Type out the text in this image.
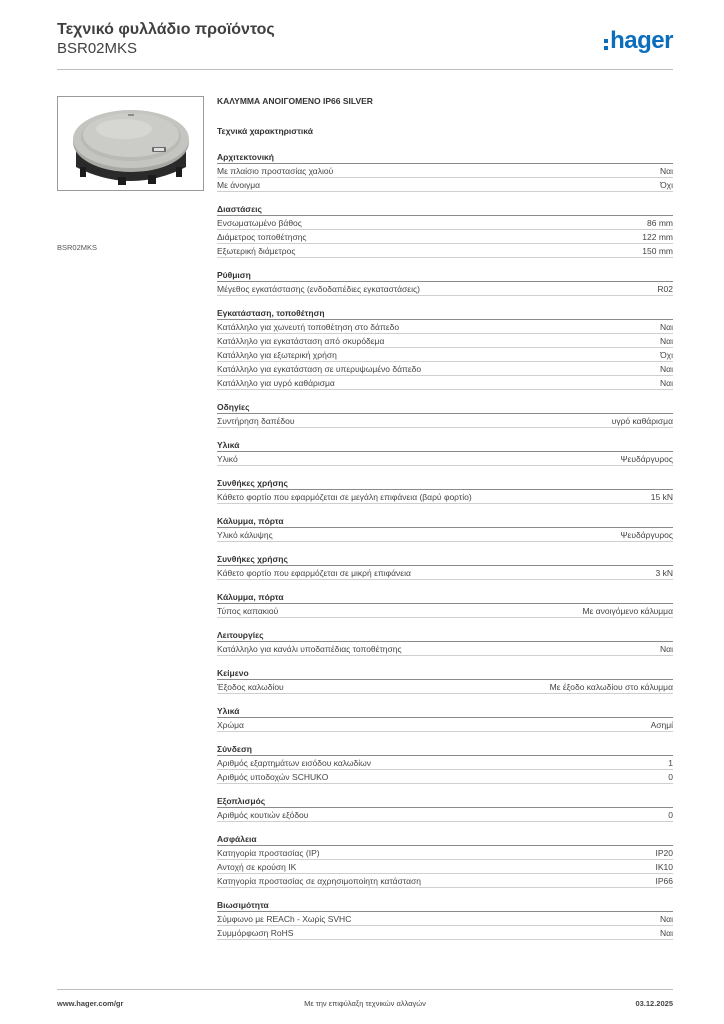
Τεχνικό φυλλάδιο προϊόντος
BSR02MKS	hager
BSR02MKS
ΚΑΛΥΜΜΑ ΑΝΟΙΓΟΜΕΝΟ IP66 SILVER
Τεχνικά χαρακτηριστικά
Αρχιτεκτονική
Με πλαίσιο προστασίας χαλιού	Ναι
Με άνοιγμα	Όχι
Διαστάσεις
Ενσωματωμένο βάθος	86 mm
Διάμετρος τοποθέτησης	122 mm
Εξωτερική διάμετρος	150 mm
Ρύθμιση
Μέγεθος εγκατάστασης (ενδοδαπέδιες εγκαταστάσεις)	R02
Εγκατάσταση, τοποθέτηση
Κατάλληλο για χωνευτή τοποθέτηση στο δάπεδο	Ναι
Κατάλληλο για εγκατάσταση από σκυρόδεμα	Ναι
Κατάλληλο για εξωτερική χρήση	Όχι
Κατάλληλο για εγκατάσταση σε υπερυψωμένο δάπεδο	Ναι
Κατάλληλο για υγρό καθάρισμα	Ναι
Οδηγίες
Συντήρηση δαπέδου	υγρό καθάρισμα
Υλικά
Υλικό	Ψευδάργυρος
Συνθήκες χρήσης
Κάθετο φορτίο που εφαρμόζεται σε μεγάλη επιφάνεια (βαρύ φορτίο)	15 kN
Κάλυμμα, πόρτα
Υλικό κάλυψης	Ψευδάργυρος
Συνθήκες χρήσης
Κάθετο φορτίο που εφαρμόζεται σε μικρή επιφάνεια	3 kN
Κάλυμμα, πόρτα
Τύπος καπακιού	Με ανοιγόμενο κάλυμμα
Λειτουργίες
Κατάλληλο για κανάλι υποδαπέδιας τοποθέτησης	Ναι
Κείμενο
Έξοδος καλωδίου	Με έξοδο καλωδίου στο κάλυμμα
Υλικά
Χρώμα	Ασημί
Σύνδεση
Αριθμός εξαρτημάτων εισόδου καλωδίων	1
Αριθμός υποδοχών SCHUKO	0
Εξοπλισμός
Αριθμός κουτιών εξόδου	0
Ασφάλεια
Κατηγορία προστασίας (IP)	IP20
Αντοχή σε κρούση IK	IK10
Κατηγορία προστασίας σε αχρησιμοποίητη κατάσταση	IP66
Βιωσιμότητα
Σύμφωνο με REACh - Χωρίς SVHC	Ναι
Συμμόρφωση RoHS	Ναι
www.hager.com/gr	Με την επιφύλαξη τεχνικών αλλαγών	03.12.2025
